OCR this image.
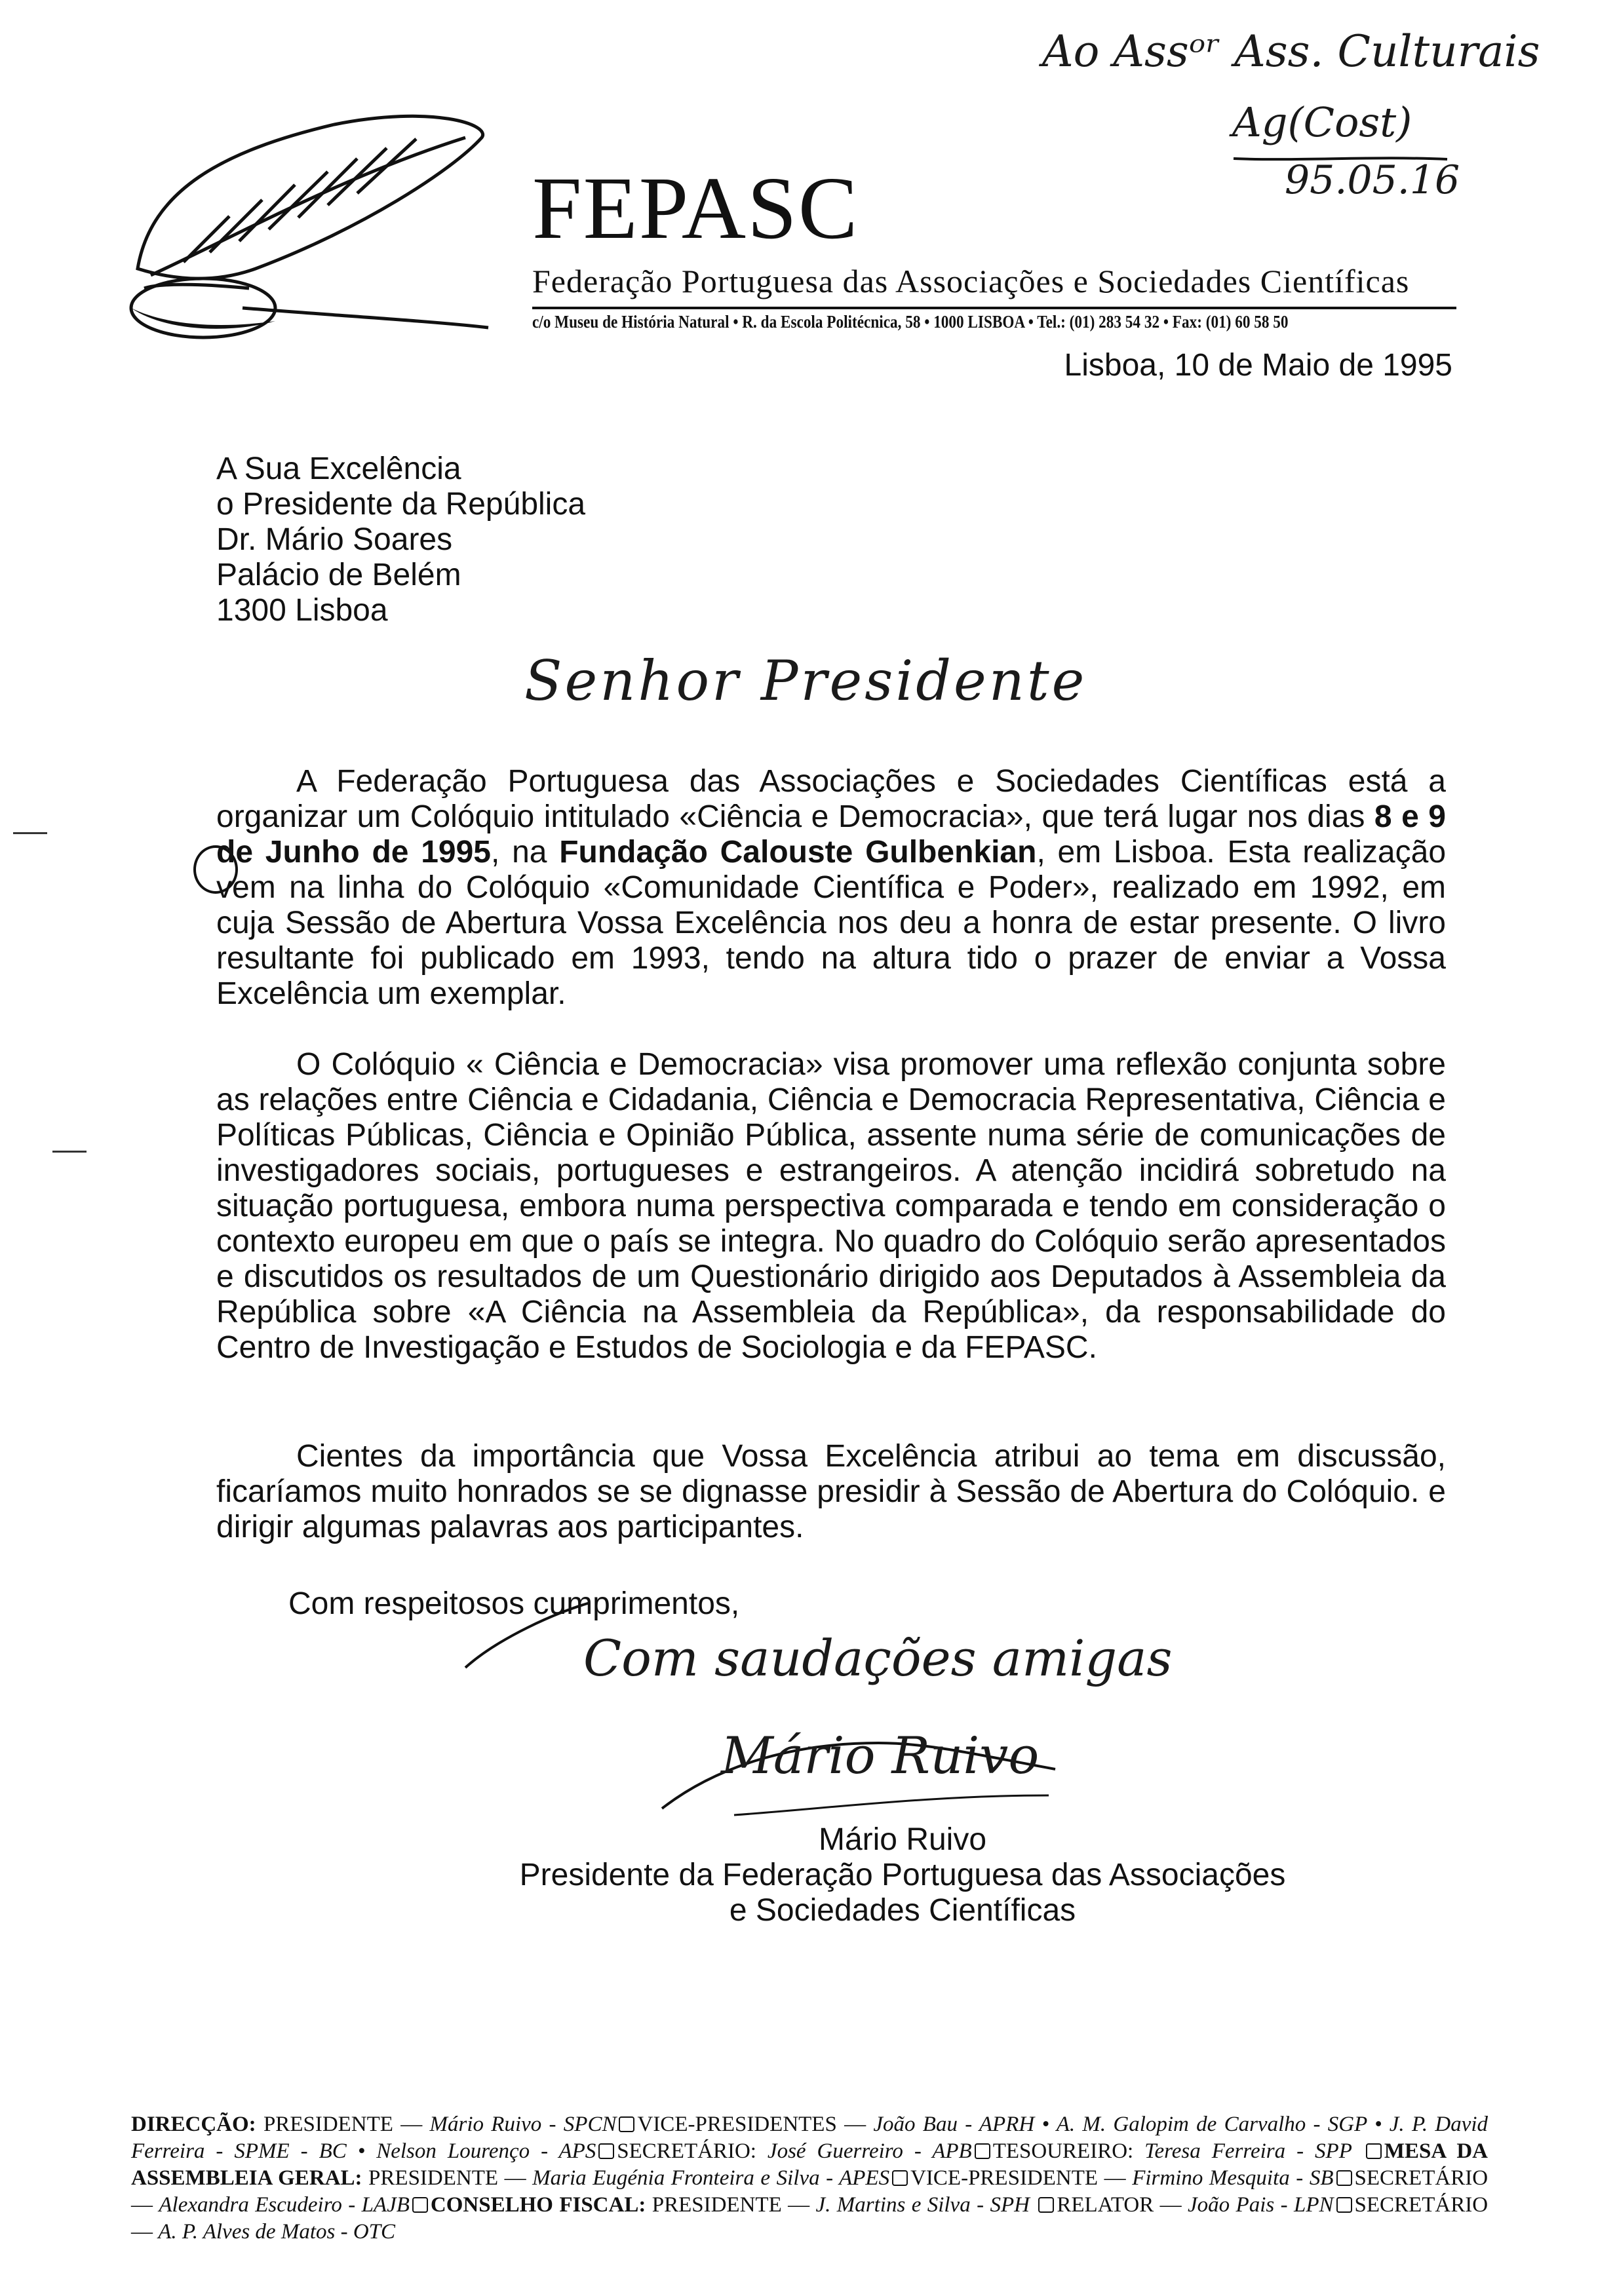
FEPASC
Federação Portuguesa das Associações e Sociedades Científicas
c/o Museu de História Natural • R. da Escola Politécnica, 58 • 1000 LISBOA • Tel.: (01) 283 54 32 • Fax: (01) 60 58 50
Ao Assᵒʳ Ass. Culturais
Ag(Cost)
95.05.16
Lisboa, 10 de Maio de 1995
A Sua Excelência
o Presidente da República
Dr. Mário Soares
Palácio de Belém
1300 Lisboa
Senhor Presidente
A Federação Portuguesa das Associações e Sociedades Científicas está a organizar um Colóquio intitulado «Ciência e Democracia», que terá lugar nos dias 8 e 9 de Junho de 1995, na Fundação Calouste Gulbenkian, em Lisboa. Esta realização vem na linha do Colóquio «Comunidade Científica e Poder», realizado em 1992, em cuja Sessão de Abertura Vossa Excelência nos deu a honra de estar presente. O livro resultante foi publicado em 1993, tendo na altura tido o prazer de enviar a Vossa Excelência um exemplar.
O Colóquio « Ciência e Democracia» visa promover uma reflexão conjunta sobre as relações entre Ciência e Cidadania, Ciência e Democracia Representativa, Ciência e Políticas Públicas, Ciência e Opinião Pública, assente numa série de comunicações de investigadores sociais, portugueses e estrangeiros. A atenção incidirá sobretudo na situação portuguesa, embora numa perspectiva comparada e tendo em consideração o contexto europeu em que o país se integra. No quadro do Colóquio serão apresentados e discutidos os resultados de um Questionário dirigido aos Deputados à Assembleia da República sobre «A Ciência na Assembleia da República», da responsabilidade do Centro de Investigação e Estudos de Sociologia e da FEPASC.
Cientes da importância que Vossa Excelência atribui ao tema em discussão, ficaríamos muito honrados se se dignasse presidir à Sessão de Abertura do Colóquio. e dirigir algumas palavras aos participantes.
Com respeitosos cumprimentos,
Com saudações amigas
Mário Ruivo
Mário Ruivo
Presidente da Federação Portuguesa das Associações
e Sociedades Científicas
DIRECÇÃO: PRESIDENTE — Mário Ruivo - SPCN VICE-PRESIDENTES — João Bau - APRH • A. M. Galopim de Carvalho - SGP • J. P. David Ferreira - SPME - BC • Nelson Lourenço - APS SECRETÁRIO: José Guerreiro - APB TESOUREIRO: Teresa Ferreira - SPP MESA DA ASSEMBLEIA GERAL: PRESIDENTE — Maria Eugénia Fronteira e Silva - APES VICE-PRESIDENTE — Firmino Mesquita - SB SECRETÁRIO — Alexandra Escudeiro - LAJB CONSELHO FISCAL: PRESIDENTE — J. Martins e Silva - SPH RELATOR — João Pais - LPN SECRETÁRIO — A. P. Alves de Matos - OTC
